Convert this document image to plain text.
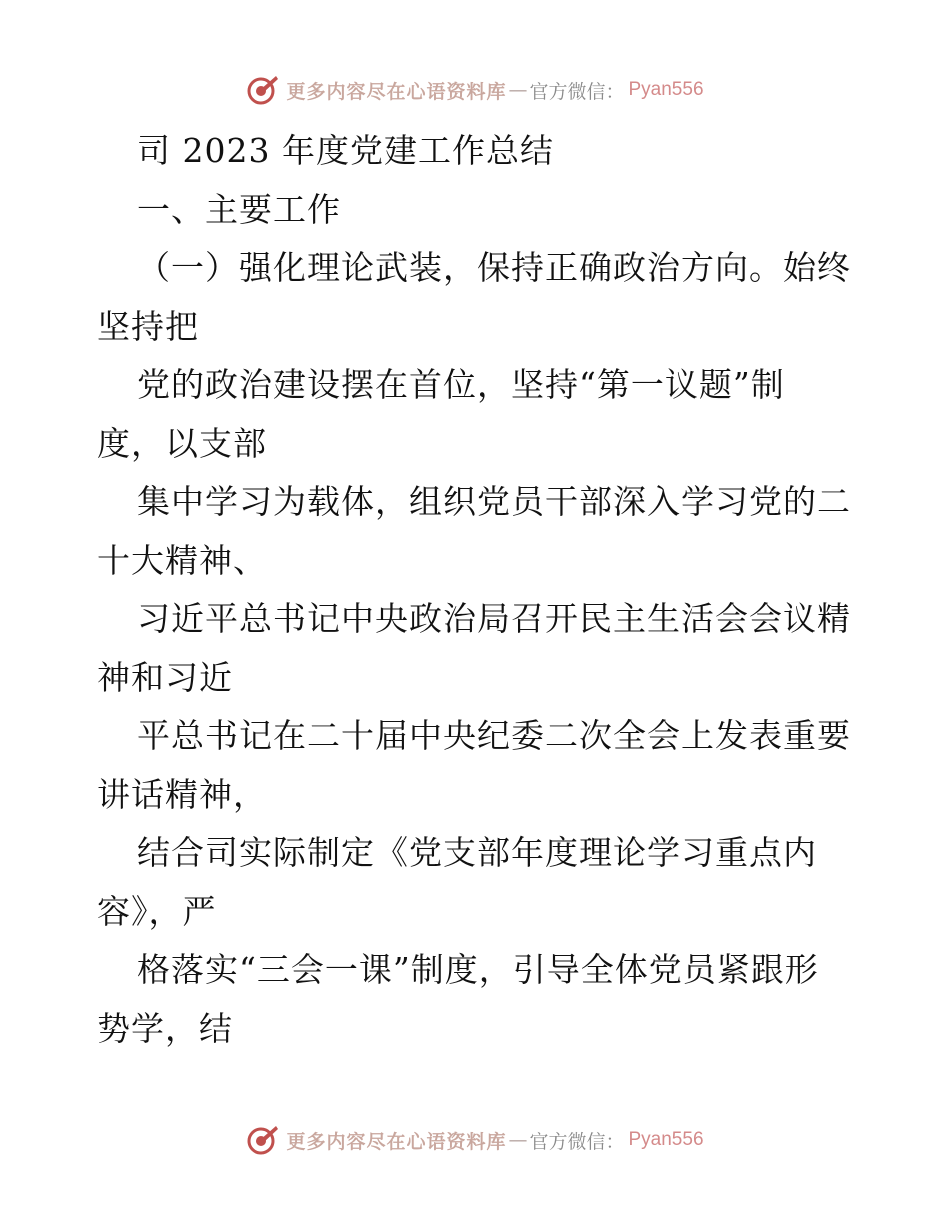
更多内容尽在心语资料库 — 官方微信： Pyan556
司 2023 年度党建工作总结
一、主要工作
（一）强化理论武装，保持正确政治方向。始终
坚持把
党的政治建设摆在首位，坚持“第一议题”制
度，以支部
集中学习为载体，组织党员干部深入学习党的二
十大精神、
习近平总书记中央政治局召开民主生活会会议精
神和习近
平总书记在二十届中央纪委二次全会上发表重要
讲话精神，
结合司实际制定《党支部年度理论学习重点内
容》，严
格落实“三会一课”制度，引导全体党员紧跟形
势学，结
更多内容尽在心语资料库 — 官方微信： Pyan556
